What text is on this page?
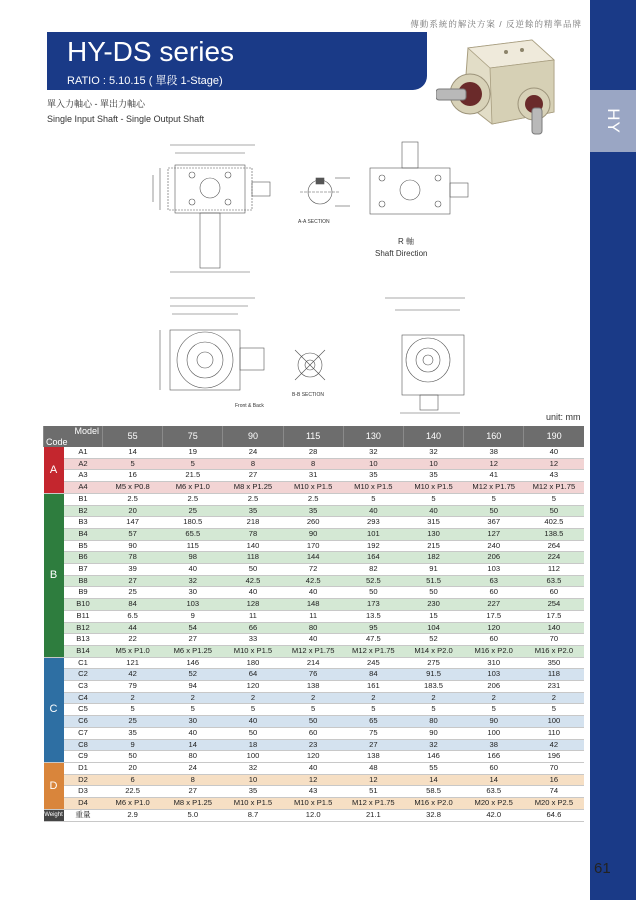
HY
傳動系統的解決方案 / 反逆餘的精準品牌
HY-DS series
RATIO : 5.10.15 ( 單段 1-Stage)
單入力軸心 - 單出力軸心
Single Input Shaft - Single Output Shaft
A-A SECTION
R 軸
Shaft Direction
B-B SECTION
Front & Back
unit: mm
Model
Code		55	75	90	115	130	140	160	190
A	A1	14	19	24	28	32	32	38	40
	A2	5	5	8	8	10	10	12	12
	A3	16	21.5	27	31	35	35	41	43
	A4	M5 x P0.8	M6 x P1.0	M8 x P1.25	M10 x P1.5	M10 x P1.5	M10 x P1.5	M12 x P1.75	M12 x P1.75
B	B1	2.5	2.5	2.5	2.5	5	5	5	5
	B2	20	25	35	35	40	40	50	50
	B3	147	180.5	218	260	293	315	367	402.5
	B4	57	65.5	78	90	101	130	127	138.5
	B5	90	115	140	170	192	215	240	264
	B6	78	98	118	144	164	182	206	224
	B7	39	40	50	72	82	91	103	112
	B8	27	32	42.5	42.5	52.5	51.5	63	63.5
	B9	25	30	40	40	50	50	60	60
	B10	84	103	128	148	173	230	227	254
	B11	6.5	9	11	11	13.5	15	17.5	17.5
	B12	44	54	66	80	95	104	120	140
	B13	22	27	33	40	47.5	52	60	70
	B14	M5 x P1.0	M6 x P1.25	M10 x P1.5	M12 x P1.75	M12 x P1.75	M14 x P2.0	M16 x P2.0	M16 x P2.0
C	C1	121	146	180	214	245	275	310	350
	C2	42	52	64	76	84	91.5	103	118
	C3	79	94	120	138	161	183.5	206	231
	C4	2	2	2	2	2	2	2	2
	C5	5	5	5	5	5	5	5	5
	C6	25	30	40	50	65	80	90	100
	C7	35	40	50	60	75	90	100	110
	C8	9	14	18	23	27	32	38	42
	C9	50	80	100	120	138	146	166	196
D	D1	20	24	32	40	48	55	60	70
	D2	6	8	10	12	12	14	14	16
	D3	22.5	27	35	43	51	58.5	63.5	74
	D4	M6 x P1.0	M8 x P1.25	M10 x P1.5	M10 x P1.5	M12 x P1.75	M16 x P2.0	M20 x P2.5	M20 x P2.5
Weight	重量	2.9	5.0	8.7	12.0	21.1	32.8	42.0	64.6
61
